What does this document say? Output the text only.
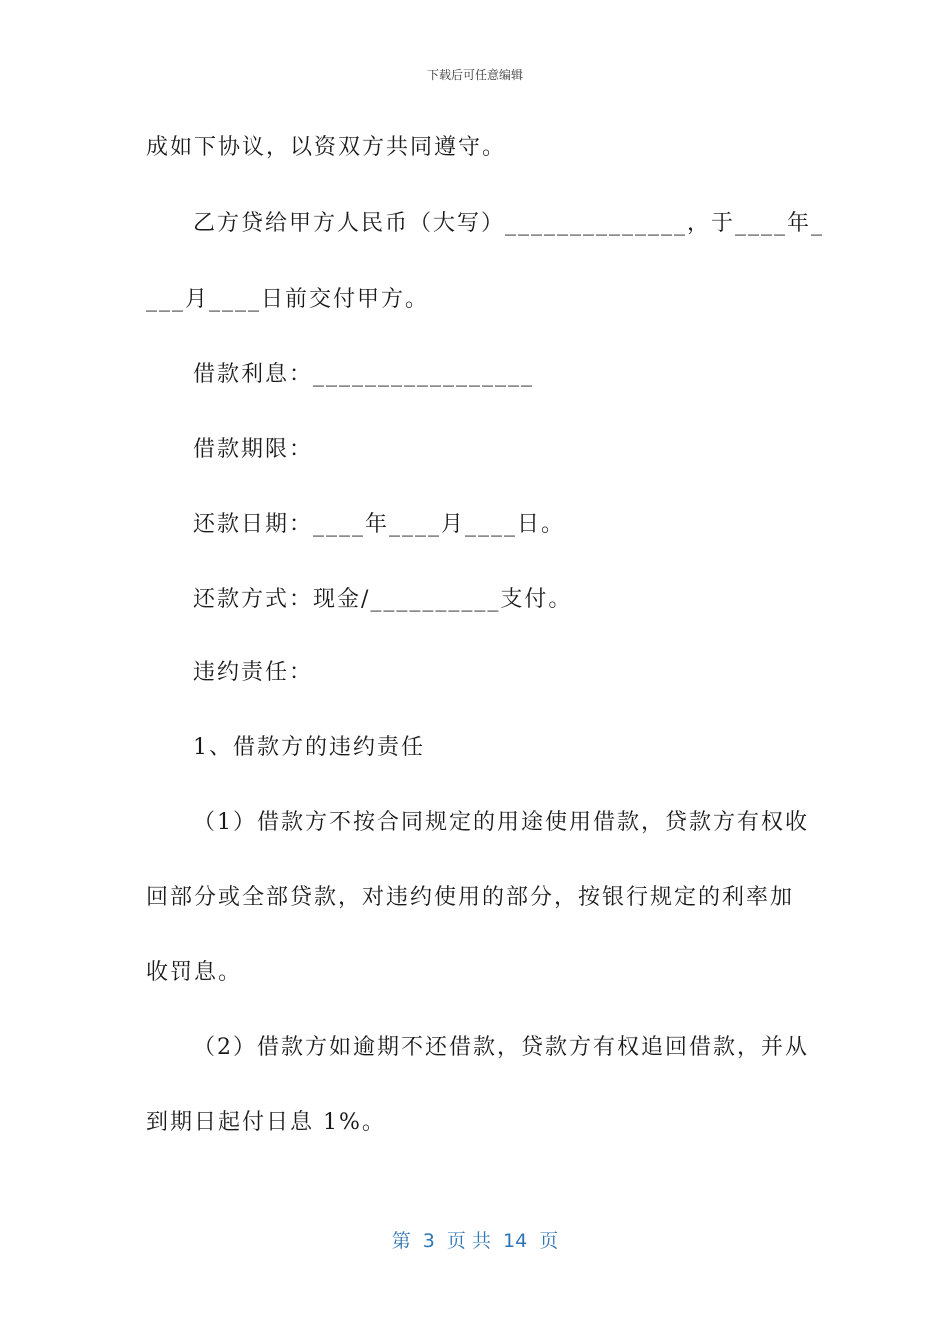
下载后可任意编辑
成如下协议，以资双方共同遵守。
乙方贷给甲方人民币（大写）______________，于____年_
___月____日前交付甲方。
借款利息：_________________
借款期限：
还款日期：____年____月____日。
还款方式：现金/__________支付。
违约责任：
1、借款方的违约责任
（1）借款方不按合同规定的用途使用借款，贷款方有权收
回部分或全部贷款，对违约使用的部分，按银行规定的利率加
收罚息。
（2）借款方如逾期不还借款，贷款方有权追回借款，并从
到期日起付日息 1%。
第  3  页 共  14  页
